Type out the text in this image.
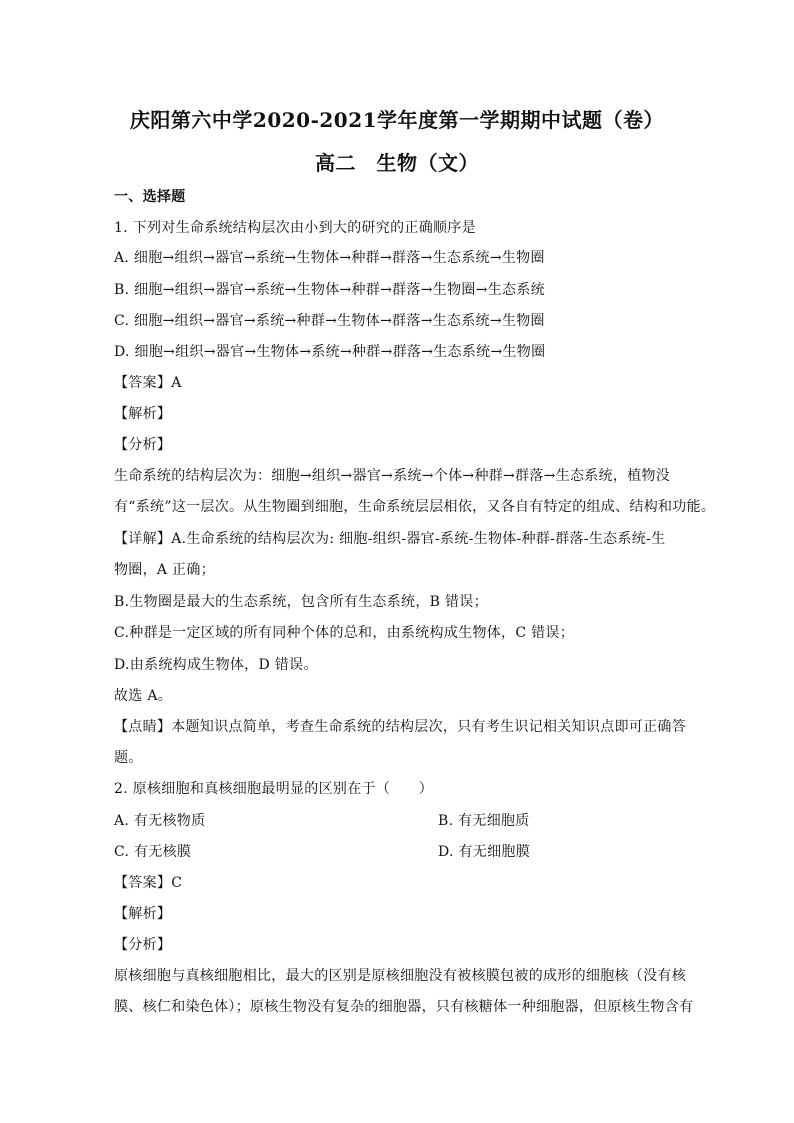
庆阳第六中学2020-2021学年度第一学期期中试题（卷）
高二　生物（文）
一、选择题
1. 下列对生命系统结构层次由小到大的研究的正确顺序是
A. 细胞→组织→器官→系统→生物体→种群→群落→生态系统→生物圈
B. 细胞→组织→器官→系统→生物体→种群→群落→生物圈→生态系统
C. 细胞→组织→器官→系统→种群→生物体→群落→生态系统→生物圈
D. 细胞→组织→器官→生物体→系统→种群→群落→生态系统→生物圈
【答案】A
【解析】
【分析】
生命系统的结构层次为：细胞→组织→器官→系统→个体→种群→群落→生态系统，植物没
有“系统”这一层次。从生物圈到细胞，生命系统层层相依，又各自有特定的组成、结构和功能。
【详解】A.生命系统的结构层次为: 细胞-组织-器官-系统-生物体-种群-群落-生态系统-生
物圈，A 正确；
B.生物圈是最大的生态系统，包含所有生态系统，B 错误；
C.种群是一定区域的所有同种个体的总和，由系统构成生物体，C 错误；
D.由系统构成生物体，D 错误。
故选 A。
【点睛】本题知识点简单，考查生命系统的结构层次，只有考生识记相关知识点即可正确答
题。
2. 原核细胞和真核细胞最明显的区别在于（　　）
A. 有无核物质	B. 有无细胞质
C. 有无核膜	D. 有无细胞膜
【答案】C
【解析】
【分析】
原核细胞与真核细胞相比，最大的区别是原核细胞没有被核膜包被的成形的细胞核（没有核
膜、核仁和染色体）；原核生物没有复杂的细胞器，只有核糖体一种细胞器，但原核生物含有
